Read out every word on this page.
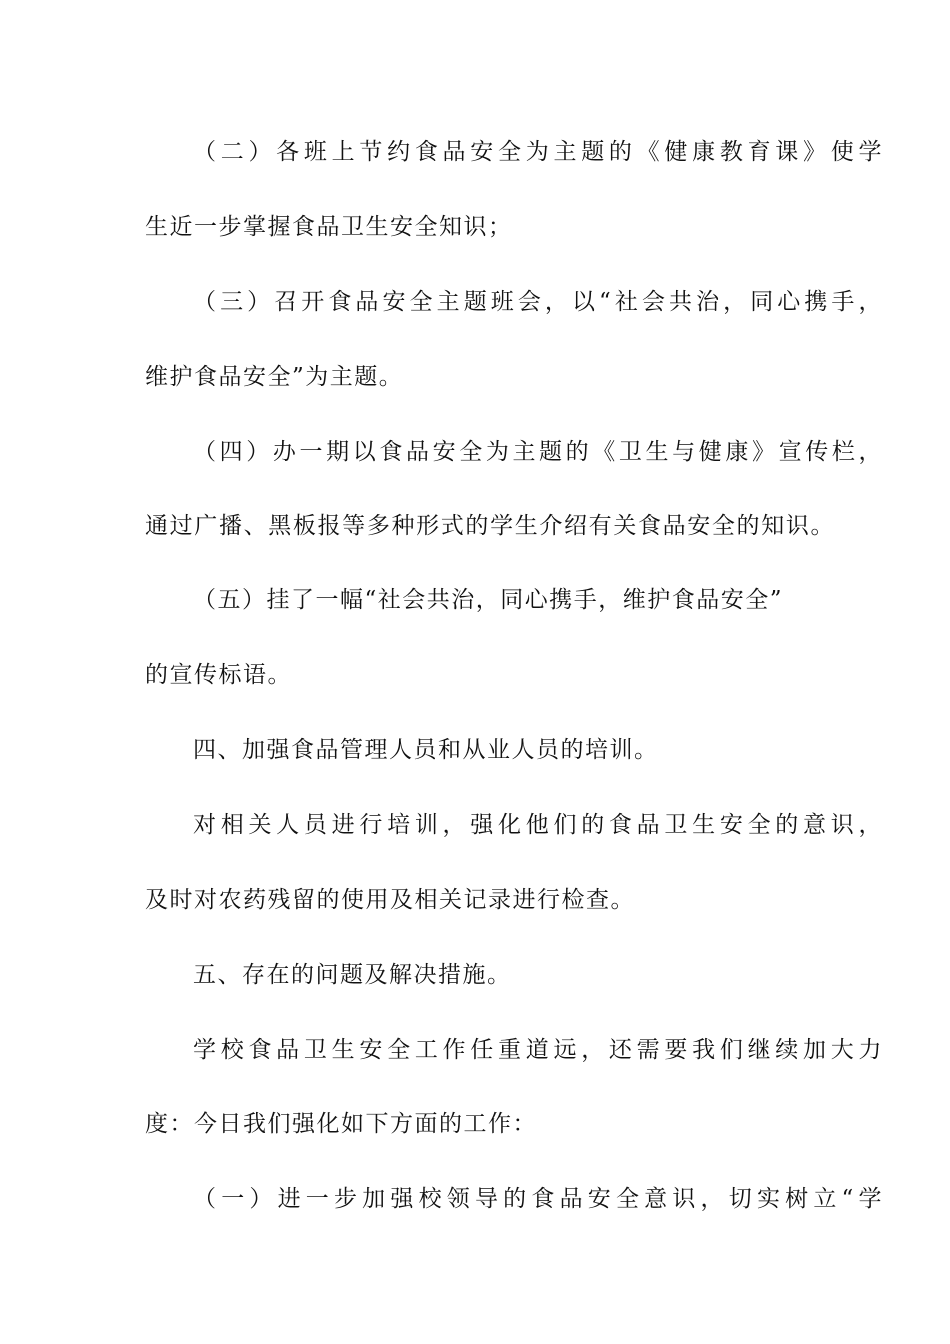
（二）各班上节约食品安全为主题的《健康教育课》使学

生近一步掌握食品卫生安全知识；

（三）召开食品安全主题班会，以“社会共治，同心携手，

维护食品安全”为主题。

（四）办一期以食品安全为主题的《卫生与健康》宣传栏，

通过广播、黑板报等多种形式的学生介绍有关食品安全的知识。

（五）挂了一幅“社会共治，同心携手，维护食品安全”

的宣传标语。

四、加强食品管理人员和从业人员的培训。

对相关人员进行培训，强化他们的食品卫生安全的意识，

及时对农药残留的使用及相关记录进行检查。

五、存在的问题及解决措施。

学校食品卫生安全工作任重道远，还需要我们继续加大力

度：今日我们强化如下方面的工作：

（一）进一步加强校领导的食品安全意识，切实树立“学
